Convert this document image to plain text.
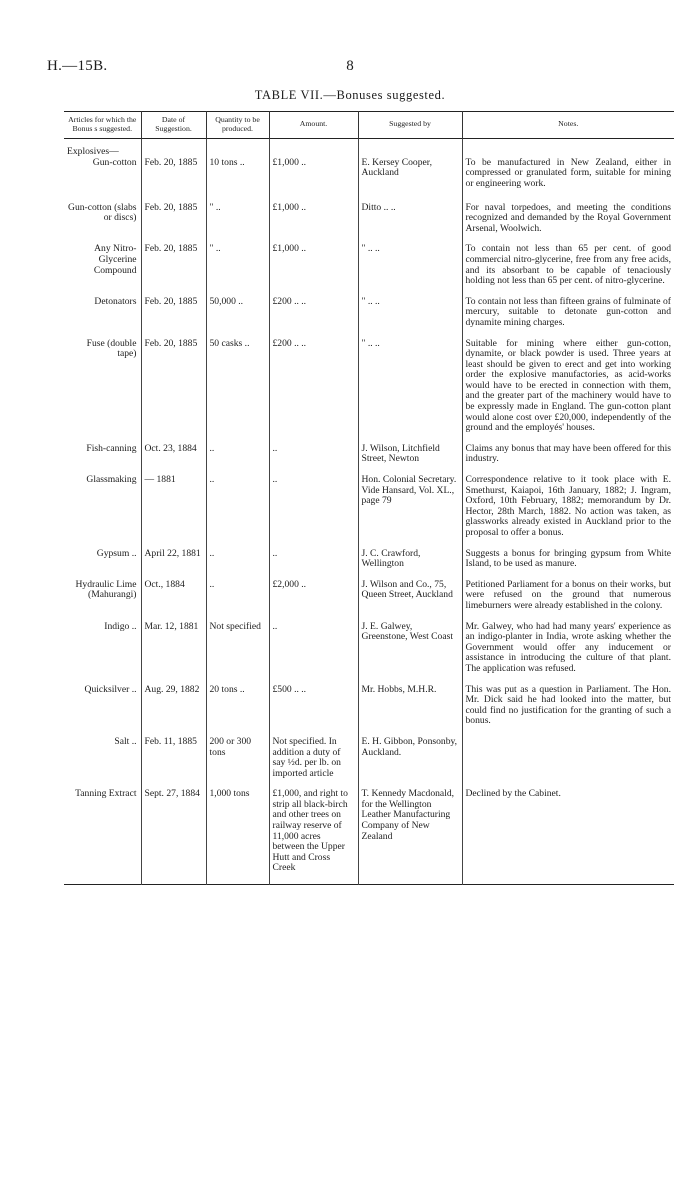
H.—15B.	8
TABLE VII.—Bonuses suggested.
Articles for which the Bonus s suggested.	Date of Suggestion.	Quantity to be produced.	Amount.	Suggested by	Notes.

Explosives—					

Gun-cotton	Feb. 20, 1885	10 tons ..	£1,000 ..	E. Kersey Cooper, Auckland	To be manufactured in New Zealand, either in compressed or granulated form, suitable for mining or engineering work.
Gun-cotton (slabs or discs)	Feb. 20, 1885	" ..	£1,000 ..	Ditto .. ..	For naval torpedoes, and meeting the conditions recognized and demanded by the Royal Government Arsenal, Woolwich.
Any Nitro-Glycerine Compound	Feb. 20, 1885	" ..	£1,000 ..	" .. ..	To contain not less than 65 per cent. of good commercial nitro-glycerine, free from any free acids, and its absorbant to be capable of tenaciously holding not less than 65 per cent. of nitro-glycerine.
Detonators	Feb. 20, 1885	50,000 ..	£200 .. ..	" .. ..	To contain not less than fifteen grains of fulminate of mercury, suitable to detonate gun-cotton and dynamite mining charges.
Fuse (double tape)	Feb. 20, 1885	50 casks ..	£200 .. ..	" .. ..	Suitable for mining where either gun-cotton, dynamite, or black powder is used. Three years at least should be given to erect and get into working order the explosive manufactories, as acid-works would have to be erected in connection with them, and the greater part of the machinery would have to be expressly made in England. The gun-cotton plant would alone cost over £20,000, independently of the ground and the employés' houses.
Fish-canning	Oct. 23, 1884	..	..	J. Wilson, Litchfield Street, Newton	Claims any bonus that may have been offered for this industry.
Glassmaking	— 1881	..	..	Hon. Colonial Secretary. Vide Hansard, Vol. XL., page 79	Correspondence relative to it took place with E. Smethurst, Kaiapoi, 16th January, 1882; J. Ingram, Oxford, 10th February, 1882; memorandum by Dr. Hector, 28th March, 1882. No action was taken, as glassworks already existed in Auckland prior to the proposal to offer a bonus.
Gypsum ..	April 22, 1881	..	..	J. C. Crawford, Wellington	Suggests a bonus for bringing gypsum from White Island, to be used as manure.
Hydraulic Lime (Mahurangi)	Oct., 1884	..	£2,000 ..	J. Wilson and Co., 75, Queen Street, Auckland	Petitioned Parliament for a bonus on their works, but were refused on the ground that numerous limeburners were already established in the colony.
Indigo ..	Mar. 12, 1881	Not specified	..	J. E. Galwey, Greenstone, West Coast	Mr. Galwey, who had had many years' experience as an indigo-planter in India, wrote asking whether the Government would offer any inducement or assistance in introducing the culture of that plant. The application was refused.
Quicksilver ..	Aug. 29, 1882	20 tons ..	£500 .. ..	Mr. Hobbs, M.H.R.	This was put as a question in Parliament. The Hon. Mr. Dick said he had looked into the matter, but could find no justification for the granting of such a bonus.
Salt ..	Feb. 11, 1885	200 or 300 tons	Not specified. In addition a duty of say ½d. per lb. on imported article	E. H. Gibbon, Ponsonby, Auckland.	
Tanning Extract	Sept. 27, 1884	1,000 tons	£1,000, and right to strip all black-birch and other trees on railway reserve of 11,000 acres between the Upper Hutt and Cross Creek	T. Kennedy Macdonald, for the Wellington Leather Manufacturing Company of New Zealand	Declined by the Cabinet.
